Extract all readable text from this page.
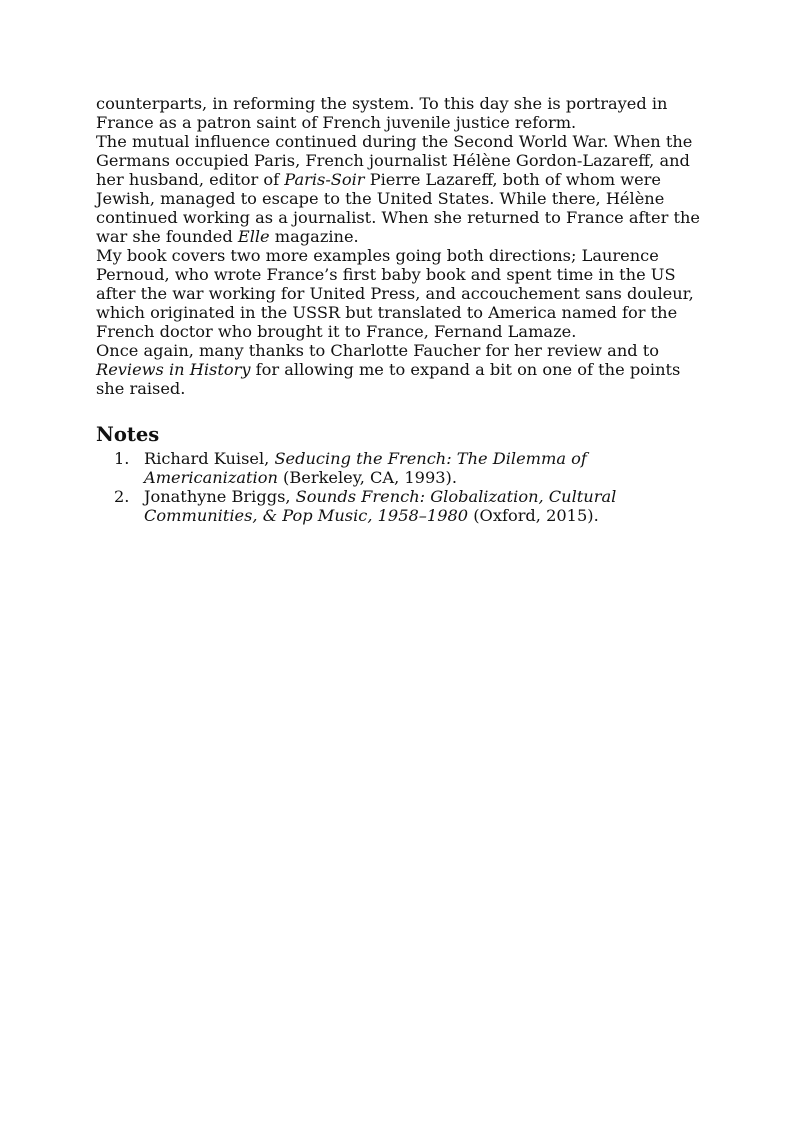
counterparts, in reforming the system. To this day she is portrayed in France as a patron saint of French juvenile justice reform.

The mutual influence continued during the Second World War. When the Germans occupied Paris, French journalist Hélène Gordon-Lazareff, and her husband, editor of Paris-Soir Pierre Lazareff, both of whom were Jewish, managed to escape to the United States. While there, Hélène continued working as a journalist. When she returned to France after the war she founded Elle magazine.

My book covers two more examples going both directions; Laurence Pernoud, who wrote France’s first baby book and spent time in the US after the war working for United Press, and accouchement sans douleur, which originated in the USSR but translated to America named for the French doctor who brought it to France, Fernand Lamaze.

Once again, many thanks to Charlotte Faucher for her review and to Reviews in History for allowing me to expand a bit on one of the points she raised.

Notes
1. Richard Kuisel, Seducing the French: The Dilemma of Americanization (Berkeley, CA, 1993).
2. Jonathyne Briggs, Sounds French: Globalization, Cultural Communities, & Pop Music, 1958–1980 (Oxford, 2015).
